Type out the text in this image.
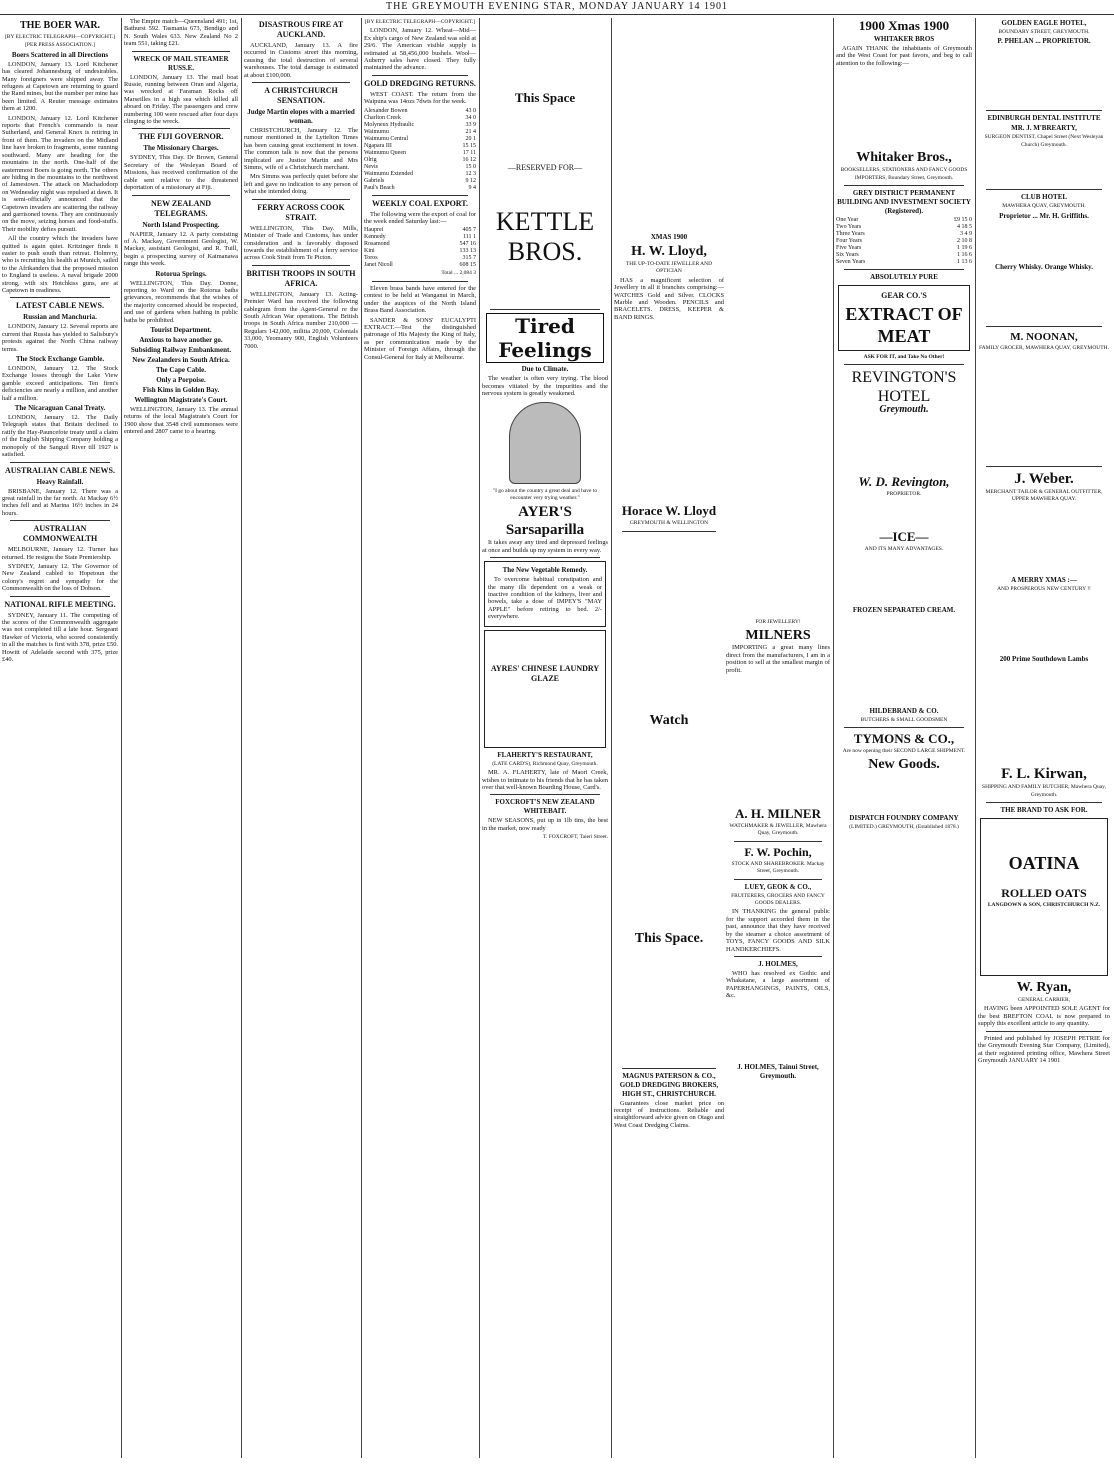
THE GREYMOUTH EVENING STAR, MONDAY JANUARY 14 1901
THE BOER WAR.
[BY ELECTRIC TELEGRAPH—COPYRIGHT.]
[PER PRESS ASSOCIATION.]
Boers Scattered in all Directions

LONDON, January 13. Lord Kitchener has cleared Johannesburg of undesirables. Many foreigners were shipped away. The refugees at Capetown are returning to guard the Rand mines, but the number per mine has been limited. A Reuter message estimates them at 1200.

LONDON, January 12. Lord Kitchener reports that French's commando is near Sutherland, and General Knox is retiring in front of them. The invaders on the Midland line have broken to fragments, some running southward. Many are heading for the mountains in the north. One-half of the easternmost Boers is going north. The others are hiding in the mountains to the northwest of Jamestown. The attack on Machadodorp on Wednesday night was repulsed at dawn. It is semi-officially announced that the Capetown invaders are scattering the railway and garrisoned towns. They are continuously on the move, seizing horses and food-stuffs. Their mobility defies pursuit.

All the country which the invaders have quitted is again quiet. Kritzinger finds it easier to push south than retreat. Holmvry, who is recruiting his health at Munich, sailed to the Afrikanders that the proposed mission to England is useless. A naval brigade 2000 strong, with six Hotchkiss guns, are at Capetown in readiness.

LATEST CABLE NEWS.
Russian and Manchuria.

LONDON, January 12. Several reports are current that Russia has yielded to Salisbury's protests against the North China railway terms.

The Stock Exchange Gamble.

LONDON, January 12. The Stock Exchange losses through the Lake View gamble exceed anticipations. Ten firm's deficiencies are nearly a million, and another half a million.

The Nicaraguan Canal Treaty.

LONDON, January 12. The Daily Telegraph states that Britain declined to ratify the Hay-Pauncefote treaty until a claim of the English Shipping Company holding a monopoly of the Sanguil River till 1927 is satisfied.

AUSTRALIAN CABLE NEWS.
Heavy Rainfall.

BRISBANE, January 12. There was a great rainfall in the far north. At Mackay 6½ inches fell and at Marina 16½ inches in 24 hours.

AUSTRALIAN COMMONWEALTH

MELBOURNE, January 12. Turner has returned. He resigns the State Premiership.

SYDNEY, January 12. The Governor of New Zealand cabled to Hopetoun the colony's regret and sympathy for the Commonwealth on the loss of Dobson.

NATIONAL RIFLE MEETING.

SYDNEY, January 11. The competing of the scores of the Commonwealth aggregate was not completed till a late hour. Sergeant Hawker of Victoria, who scored consistently in all the matches is first with 378, prize £50. Howitt of Adelaide second with 375, prize £40.

The Empire match—Queensland 491; 1st, Bathurst 592. Tasmania 673, Bendigo and N. South Wales 633. New Zealand No 2 team 551, taking £21.

WRECK OF MAIL STEAMER RUSS.E.

LONDON, January 13. The mail boat Russie, running between Oran and Algeria, was wrecked at Faraman Rocks off Marseilles in a high sea which killed all aboard on Friday. The passengers and crew numbering 100 were rescued after four days clinging to the wreck.

THE FIJI GOVERNOR.
The Missionary Charges.

SYDNEY, This Day. Dr Brown, General Secretary of the Wesleyan Board of Missions, has received confirmation of the cable sent relative to the threatened deportation of a missionary at Fiji.

NEW ZEALAND TELEGRAMS.
North Island Prospecting.

NAPIER, January 12. A party consisting of A. Mackay, Government Geologist, W. Mackay, assistant Geologist, and R. Tuill, begin a prospecting survey of Kaimanawa range this week.

Rotorua Springs.

WELLINGTON, This Day. Donne, reporting to Ward on the Rotorua baths grievances, recommends that the wishes of the majority concerned should be respected, and use of gardens when bathing in public baths be prohibited.

Tourist Department.
Anxious to have another go.
Subsiding Railway Embankment.
New Zealanders in South Africa.
The Cape Cable.
Only a Porpoise.
Fish Kims in Golden Bay.
Wellington Magistrate's Court.

WELLINGTON, January 13. The annual returns of the local Magistrate's Court for 1900 show that 3548 civil summonses were entered and 2807 came to a hearing.

DISASTROUS FIRE AT AUCKLAND.

AUCKLAND, January 13. A fire occurred in Customs street this morning, causing the total destruction of several warehouses. The total damage is estimated at about £100,000.

A CHRISTCHURCH SENSATION.
Judge Martin elopes with a married woman.

CHRISTCHURCH, January 12. The rumour mentioned in the Lyttelton Times has been causing great excitement in town. The common talk is now that the persons implicated are Justice Martin and Mrs Simms, wife of a Christchurch merchant.

Mrs Simms was perfectly quiet before she left and gave no indication to any person of what she intended doing.

FERRY ACROSS COOK STRAIT.

WELLINGTON, This Day. Mills, Minister of Trade and Customs, has under consideration and is favorably disposed towards the establishment of a ferry service across Cook Strait from Te Picton.

BRITISH TROOPS IN SOUTH AFRICA.

WELLINGTON, January 13. Acting-Premier Ward has received the following cablegram from the Agent-General re the South African War operations. The British troops in South Africa number 210,000 — Regulars 142,000, militia 20,000, Colonials 33,000, Yeomanry 900, English Volunteers 7000.

[BY ELECTRIC TELEGRAPH—COPYRIGHT.]

LONDON, January 12. Wheat—Mid—Ex ship's cargo of New Zealand was sold at 29/6. The American visible supply is estimated at 58,456,000 bushels. Wool—Auberry sales have closed. They fully maintained the advance.

GOLD DREDGING RETURNS.

WEST COAST. The return from the Waipuna was 14ozs 7dwts for the week.

Alexander Bowen	43 0
Charlton Creek	34 0
Molyneux Hydraulic	33 9
Waimumu	21 4
Waimumu Central	20 1
Ngapara III	15 15
Waimumu Queen	17 11
Olrig	16 12
Nevis	15 0
Waimumu Extended	12 3
Gabriels	9 12
Paul's Beach	9 4
WEEKLY COAL EXPORT.

The following were the export of coal for the week ended Saturday last:—

Hauprei	405 7
Kennedy	111 1
Rosamond	547 16
Kini	133 13
Toros	315 7
Janet Nicoll	608 15
Total ... 2,084 3

Eleven brass bands have entered for the contest to be held at Wanganui in March, under the auspices of the North Island Brass Band Association.

SANDER & SONS' EUCALYPTI EXTRACT.—Test the distinguished patronage of His Majesty the King of Italy, as per communication made by the Minister of Foreign Affairs, through the Consul-General for Italy at Melbourne.

This Space
—RESERVED FOR—
KETTLE BROS.
Tired Feelings
Due to Climate.

The weather is often very trying. The blood becomes vitiated by the impurities and the nervous system is greatly weakened.

"I go about the country a great deal and have to encounter very trying weather."
AYER'S Sarsaparilla

It takes away any tired and depressed feelings at once and builds up my system in every way.

The New Vegetable Remedy.

To overcome habitual constipation and the many ills dependent on a weak or inactive condition of the kidneys, liver and bowels, take a dose of IMPEY'S "MAY APPLE" before retiring to bed. 2/- everywhere.

AYRES' CHINESE LAUNDRY GLAZE
FLAHERTY'S RESTAURANT,
(LATE CARD'S), Richmond Quay, Greymouth.

MR. A. FLAHERTY, late of Maori Creek, wishes to intimate to his friends that he has taken over that well-known Boarding House, Card's.

FOXCROFT'S NEW ZEALAND WHITEBAIT.

NEW SEASONS, put up in 1lb tins, the best in the market, now ready

T. FOXCROFT, Taieri Street.
XMAS 1900
H. W. Lloyd,
THE UP-TO-DATE JEWELLER AND OPTICIAN

HAS a magnificent selection of Jewellery in all it branches comprising:— WATCHES Gold and Silver. CLOCKS Marble and Wooden. PENCILS and BRACELETS. DRESS, KEEPER & BAND RINGS.

Horace W. Lloyd
GREYMOUTH & WELLINGTON
Watch
This Space.
MAGNUS PATERSON & CO., GOLD DREDGING BROKERS, HIGH ST., CHRISTCHURCH.

Guarantees close market price on receipt of instructions. Reliable and straightforward advice given on Otago and West Coast Dredging Claims.

FOR JEWELLERY!
MILNERS

IMPORTING a great many lines direct from the manufacturers, I am in a position to sell at the smallest margin of profit.

A. H. MILNER
WATCHMAKER & JEWELLER, Mawhera Quay, Greymouth.
F. W. Pochin,
STOCK AND SHAREBROKER. Mackay Street, Greymouth.
LUEY, GEOK & CO.,
FRUITERERS, GROCERS AND FANCY GOODS DEALERS.

IN THANKING the general public for the support accorded them in the past, announce that they have received by the steamer a choice assortment of TOYS, FANCY GOODS AND SILK HANDKERCHIEFS.

J. HOLMES,

WHO has resolved ex Gothic and Whakatane, a large assortment of PAPERHANGINGS, PAINTS, OILS, &c.

J. HOLMES, Tainui Street, Greymouth.
1900 Xmas 1900
WHITAKER BROS

AGAIN THANK the inhabitants of Greymouth and the West Coast for past favors, and beg to call attention to the following:—

Whitaker Bros.,
BOOKSELLERS, STATIONERS AND FANCY GOODS IMPORTERS, Boundary Street, Greymouth.
GREY DISTRICT PERMANENT BUILDING AND INVESTMENT SOCIETY (Registered).
One Year	£9 15 0
Two Years	4 18 5
Three Years	3 4 9
Four Years	2 10 8
Five Years	1 19 6
Six Years	1 16 6
Seven Years	1 13 6
ABSOLUTELY PURE
GEAR CO.'S
EXTRACT OF MEAT
ASK FOR IT, and Take No Other!
REVINGTON'S HOTEL
Greymouth.
W. D. Revington,
PROPRIETOR.
—ICE—
AND ITS MANY ADVANTAGES.
FROZEN SEPARATED CREAM.
HILDEBRAND & CO.
BUTCHERS & SMALL GOODSMEN
TYMONS & CO.,
Are now opening their SECOND LARGE SHIPMENT.
New Goods.
DISPATCH FOUNDRY COMPANY
(LIMITED.) GREYMOUTH, (Established 1878.)
GOLDEN EAGLE HOTEL,
BOUNDARY STREET, GREYMOUTH.
P. PHELAN ... PROPRIETOR.
EDINBURGH DENTAL INSTITUTE
MR. J. M'BREARTY,
SURGEON DENTIST, Chapel Street (Next Wesleyan Church) Greymouth.
CLUB HOTEL
MAWHERA QUAY, GREYMOUTH.
Proprietor ... Mr. H. Griffiths.
Cherry Whisky. Orange Whisky.
M. NOONAN,
FAMILY GROCER, MAWHERA QUAY, GREYMOUTH.
J. Weber.
MERCHANT TAILOR & GENERAL OUTFITTER, UPPER MAWHERA QUAY.
A MERRY XMAS :—
AND PROSPEROUS NEW CENTURY !!
200 Prime Southdown Lambs
F. L. Kirwan,
SHIPPING AND FAMILY BUTCHER, Mawhera Quay, Greymouth.
THE BRAND TO ASK FOR.
OATINA
ROLLED OATS
LANGDOWN & SON, CHRISTCHURCH N.Z.
W. Ryan,
GENERAL CARRIER,

HAVING been APPOINTED SOLE AGENT for the best BREFTON COAL is now prepared to supply this excellent article to any quantity.

Printed and published by JOSEPH PETRIE for the Greymouth Evening Star Company, (Limited), at their registered printing office, Mawhera Street Greymouth JANUARY 14 1901
